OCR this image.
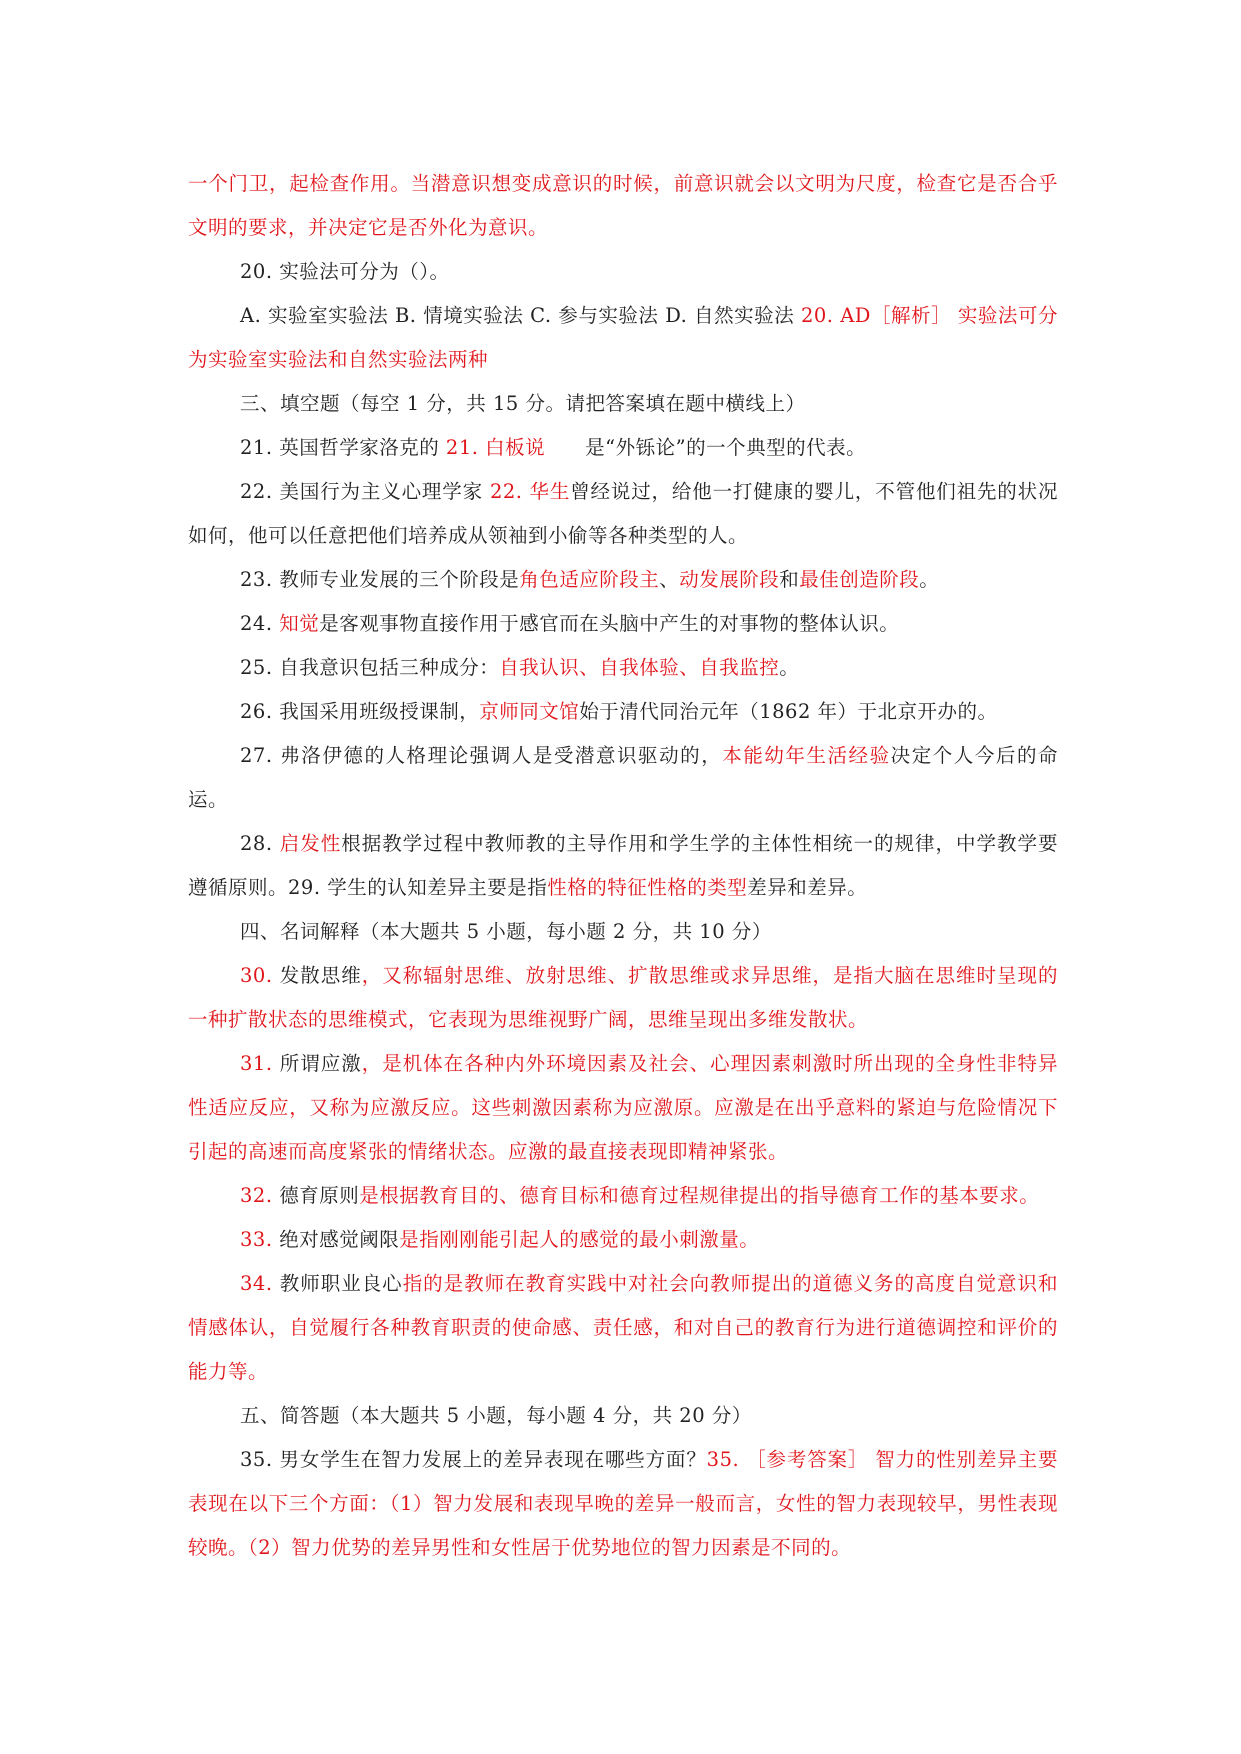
一个门卫，起检查作用。当潜意识想变成意识的时候，前意识就会以文明为尺度，检查它是否合乎文明的要求，并决定它是否外化为意识。

20. 实验法可分为（）。

A. 实验室实验法 B. 情境实验法 C. 参与实验法 D. 自然实验法 20. AD［解析］ 实验法可分为实验室实验法和自然实验法两种

三、填空题（每空 1 分，共 15 分。请把答案填在题中横线上）

21. 英国哲学家洛克的 21. 白板说　　是“外铄论”的一个典型的代表。

22. 美国行为主义心理学家 22. 华生曾经说过，给他一打健康的婴儿，不管他们祖先的状况如何，他可以任意把他们培养成从领袖到小偷等各种类型的人。

23. 教师专业发展的三个阶段是角色适应阶段主、动发展阶段和最佳创造阶段。

24. 知觉是客观事物直接作用于感官而在头脑中产生的对事物的整体认识。

25. 自我意识包括三种成分：自我认识、自我体验、自我监控。

26. 我国采用班级授课制，京师同文馆始于清代同治元年（1862 年）于北京开办的。

27. 弗洛伊德的人格理论强调人是受潜意识驱动的，本能幼年生活经验决定个人今后的命运。

28. 启发性根据教学过程中教师教的主导作用和学生学的主体性相统一的规律，中学教学要遵循原则。29. 学生的认知差异主要是指性格的特征性格的类型差异和差异。

四、名词解释（本大题共 5 小题，每小题 2 分，共 10 分）

30. 发散思维，又称辐射思维、放射思维、扩散思维或求异思维，是指大脑在思维时呈现的一种扩散状态的思维模式，它表现为思维视野广阔，思维呈现出多维发散状。

31. 所谓应激，是机体在各种内外环境因素及社会、心理因素刺激时所出现的全身性非特异性适应反应，又称为应激反应。这些刺激因素称为应激原。应激是在出乎意料的紧迫与危险情况下引起的高速而高度紧张的情绪状态。应激的最直接表现即精神紧张。

32. 德育原则是根据教育目的、德育目标和德育过程规律提出的指导德育工作的基本要求。

33. 绝对感觉阈限是指刚刚能引起人的感觉的最小刺激量。

34. 教师职业良心指的是教师在教育实践中对社会向教师提出的道德义务的高度自觉意识和情感体认，自觉履行各种教育职责的使命感、责任感，和对自己的教育行为进行道德调控和评价的能力等。

五、简答题（本大题共 5 小题，每小题 4 分，共 20 分）

35. 男女学生在智力发展上的差异表现在哪些方面？35. ［参考答案］ 智力的性别差异主要表现在以下三个方面：（1）智力发展和表现早晚的差异一般而言，女性的智力表现较早，男性表现较晚。（2）智力优势的差异男性和女性居于优势地位的智力因素是不同的。
